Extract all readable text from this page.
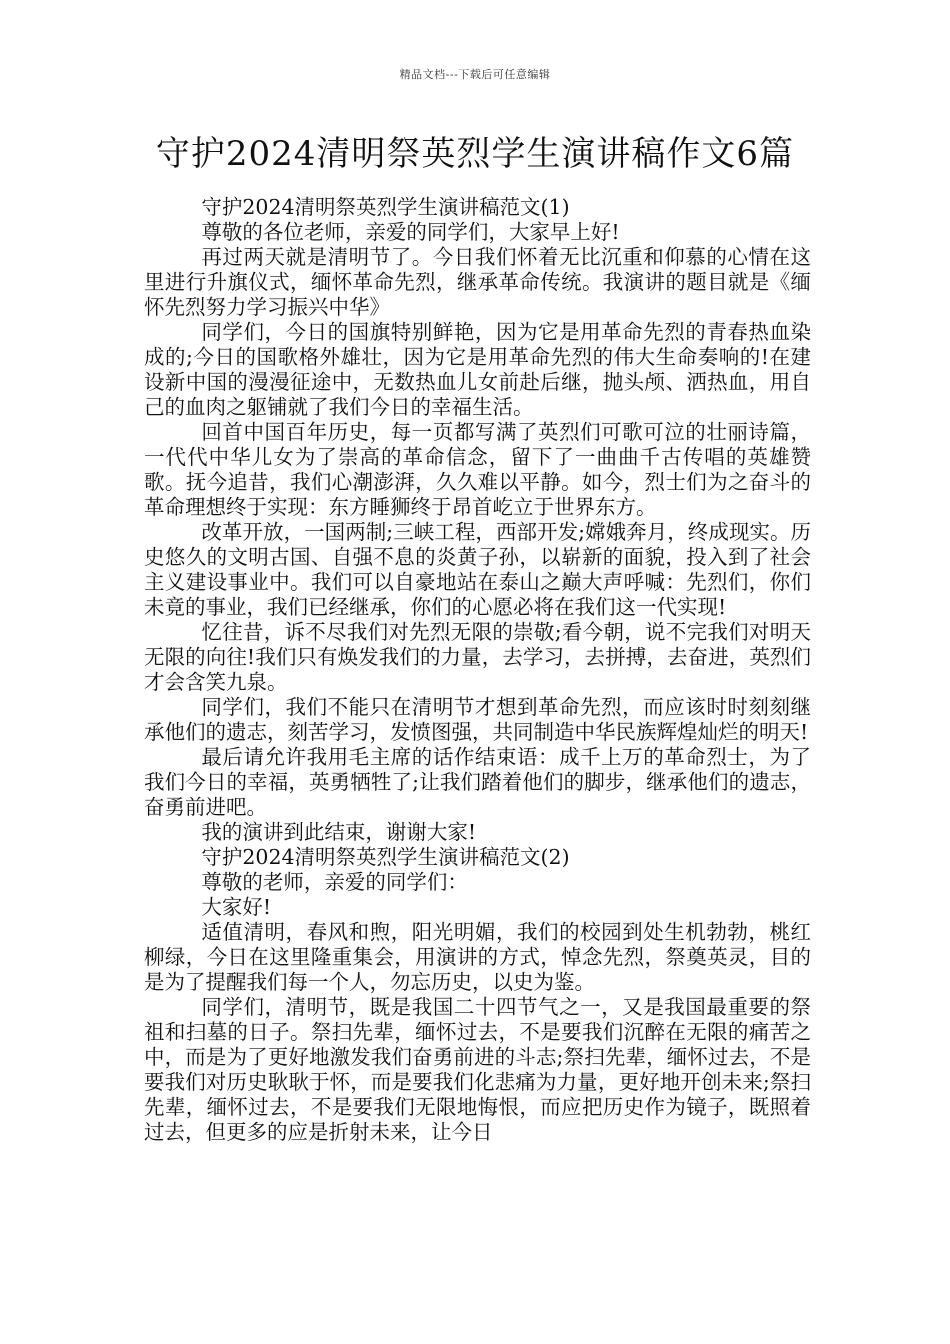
精品文档---下载后可任意编辑
守护2024清明祭英烈学生演讲稿作文6篇

守护2024清明祭英烈学生演讲稿范文(1)

尊敬的各位老师，亲爱的同学们，大家早上好!

再过两天就是清明节了。今日我们怀着无比沉重和仰慕的心情在这里进行升旗仪式，缅怀革命先烈，继承革命传统。我演讲的题目就是《缅怀先烈努力学习振兴中华》

同学们，今日的国旗特别鲜艳，因为它是用革命先烈的青春热血染成的;今日的国歌格外雄壮，因为它是用革命先烈的伟大生命奏响的!在建设新中国的漫漫征途中，无数热血儿女前赴后继，抛头颅、洒热血，用自己的血肉之躯铺就了我们今日的幸福生活。

回首中国百年历史，每一页都写满了英烈们可歌可泣的壮丽诗篇，一代代中华儿女为了崇高的革命信念，留下了一曲曲千古传唱的英雄赞歌。抚今追昔，我们心潮澎湃，久久难以平静。如今，烈士们为之奋斗的革命理想终于实现：东方睡狮终于昂首屹立于世界东方。

改革开放，一国两制;三峡工程，西部开发;嫦娥奔月，终成现实。历史悠久的文明古国、自强不息的炎黄子孙，以崭新的面貌，投入到了社会主义建设事业中。我们可以自豪地站在泰山之巅大声呼喊：先烈们，你们未竟的事业，我们已经继承，你们的心愿必将在我们这一代实现!

忆往昔，诉不尽我们对先烈无限的崇敬;看今朝，说不完我们对明天无限的向往!我们只有焕发我们的力量，去学习，去拼搏，去奋进，英烈们才会含笑九泉。

同学们，我们不能只在清明节才想到革命先烈，而应该时时刻刻继承他们的遗志，刻苦学习，发愤图强，共同制造中华民族辉煌灿烂的明天!

最后请允许我用毛主席的话作结束语：成千上万的革命烈士，为了我们今日的幸福，英勇牺牲了;让我们踏着他们的脚步，继承他们的遗志，奋勇前进吧。

我的演讲到此结束，谢谢大家!

守护2024清明祭英烈学生演讲稿范文(2)

尊敬的老师，亲爱的同学们：

大家好!

适值清明，春风和煦，阳光明媚，我们的校园到处生机勃勃，桃红柳绿，今日在这里隆重集会，用演讲的方式，悼念先烈，祭奠英灵，目的是为了提醒我们每一个人，勿忘历史，以史为鉴。

同学们，清明节，既是我国二十四节气之一，又是我国最重要的祭祖和扫墓的日子。祭扫先辈，缅怀过去，不是要我们沉醉在无限的痛苦之中，而是为了更好地激发我们奋勇前进的斗志;祭扫先辈，缅怀过去，不是要我们对历史耿耿于怀，而是要我们化悲痛为力量，更好地开创未来;祭扫先辈，缅怀过去，不是要我们无限地悔恨，而应把历史作为镜子，既照着过去，但更多的应是折射未来，让今日
